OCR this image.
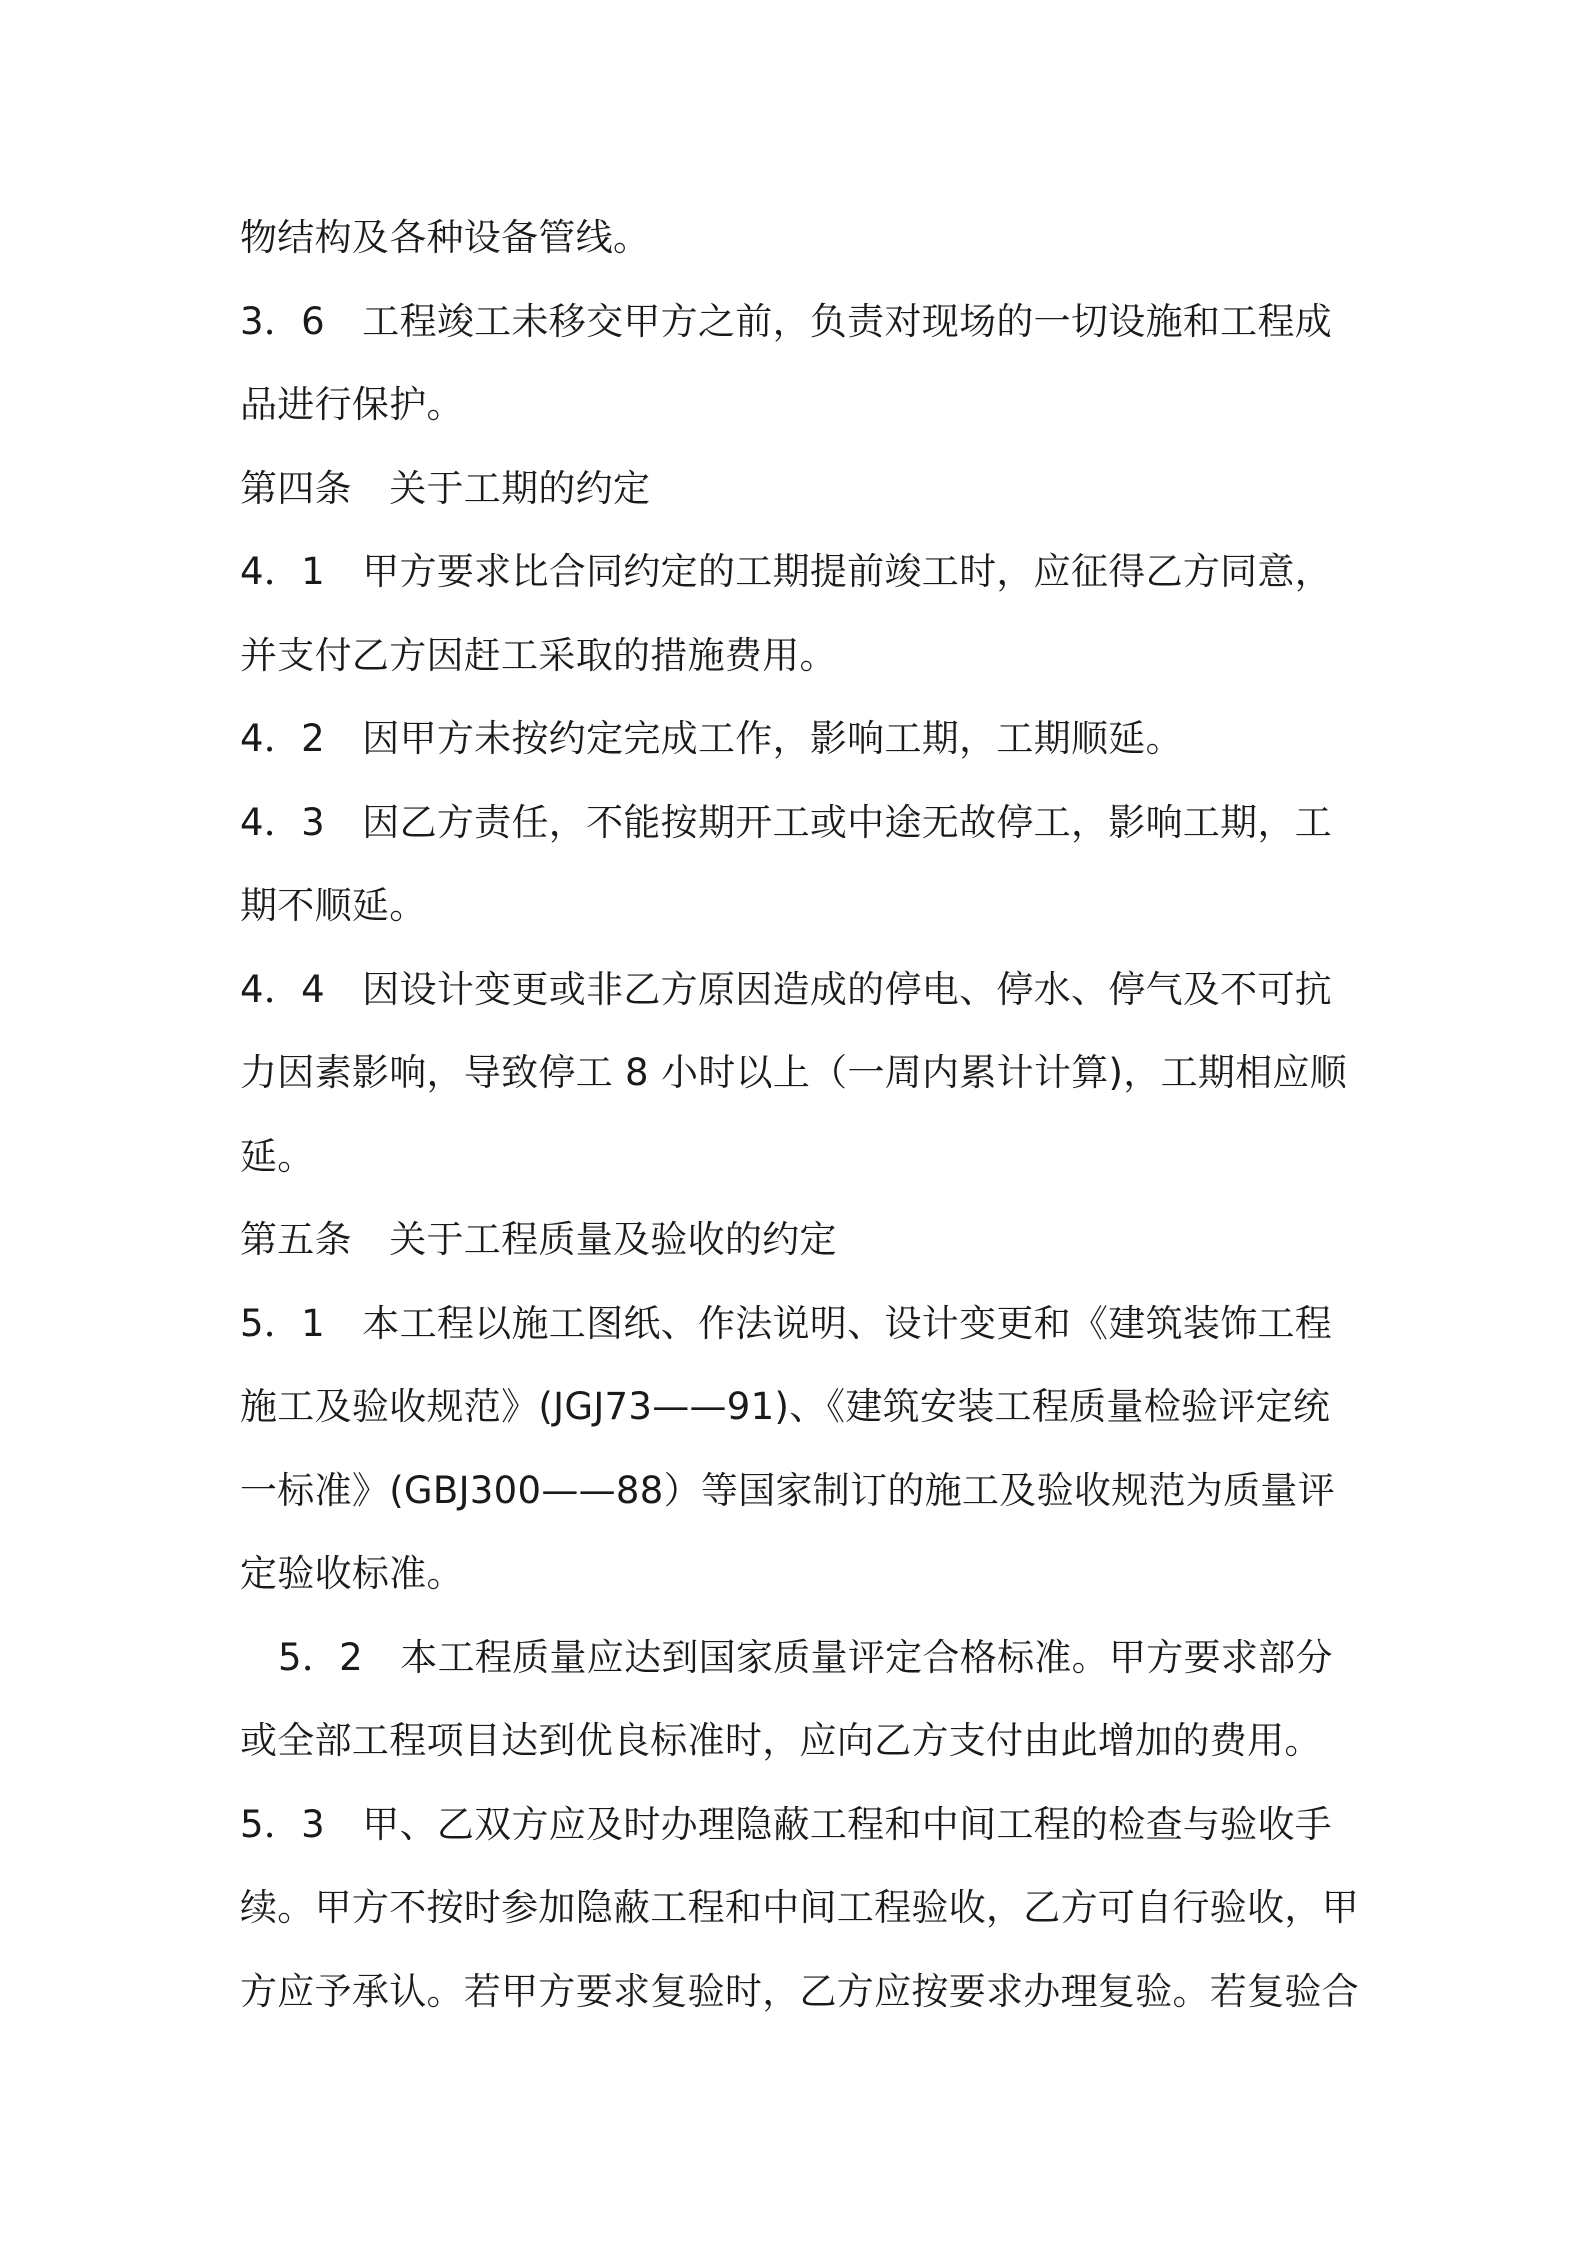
物结构及各种设备管线。
3．6　工程竣工未移交甲方之前，负责对现场的一切设施和工程成
品进行保护。
第四条　关于工期的约定
4．1　甲方要求比合同约定的工期提前竣工时，应征得乙方同意，
并支付乙方因赶工采取的措施费用。
4．2　因甲方未按约定完成工作，影响工期，工期顺延。
4．3　因乙方责任，不能按期开工或中途无故停工，影响工期，工
期不顺延。
4．4　因设计变更或非乙方原因造成的停电、停水、停气及不可抗
力因素影响，导致停工 8 小时以上（一周内累计计算)，工期相应顺
延。
第五条　关于工程质量及验收的约定
5．1　本工程以施工图纸、作法说明、设计变更和《建筑装饰工程
施工及验收规范》(JGJ73——91)、《建筑安装工程质量检验评定统
一标准》(GBJ300——88）等国家制订的施工及验收规范为质量评
定验收标准。
5．2　本工程质量应达到国家质量评定合格标准。甲方要求部分
或全部工程项目达到优良标准时，应向乙方支付由此增加的费用。
5．3　甲、乙双方应及时办理隐蔽工程和中间工程的检查与验收手
续。甲方不按时参加隐蔽工程和中间工程验收，乙方可自行验收，甲
方应予承认。若甲方要求复验时，乙方应按要求办理复验。若复验合
